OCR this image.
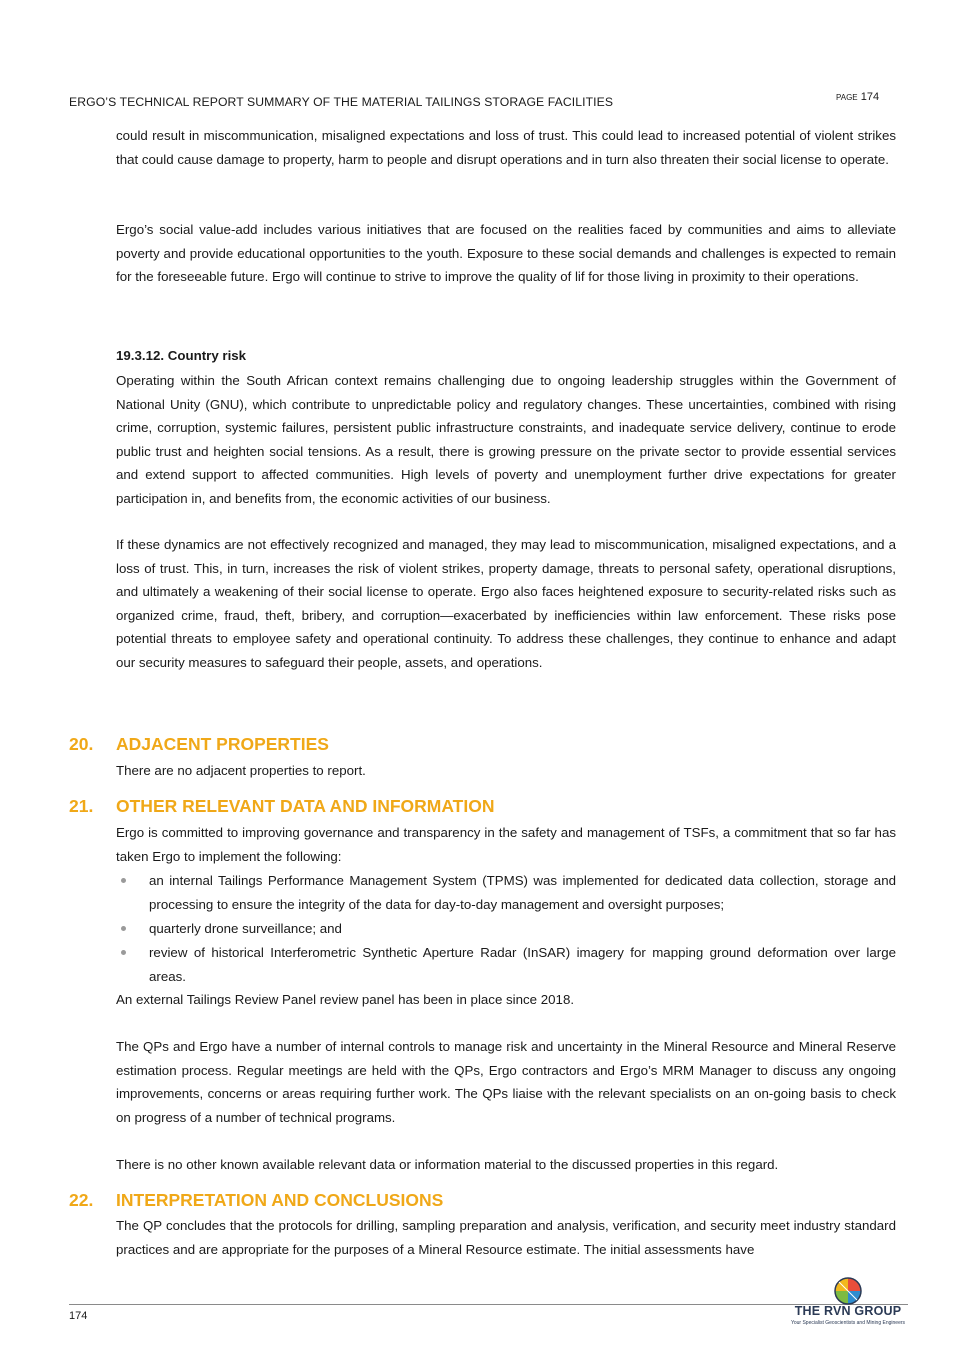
ERGO’S TECHNICAL REPORT SUMMARY OF THE MATERIAL TAILINGS STORAGE FACILITIES	PAGE 174

could result in miscommunication, misaligned expectations and loss of trust. This could lead to increased potential of violent strikes that could cause damage to property, harm to people and disrupt operations and in turn also threaten their social license to operate.

Ergo’s social value-add includes various initiatives that are focused on the realities faced by communities and aims to alleviate poverty and provide educational opportunities to the youth. Exposure to these social demands and challenges is expected to remain for the foreseeable future. Ergo will continue to strive to improve the quality of lif for those living in proximity to their operations.

19.3.12. Country risk

Operating within the South African context remains challenging due to ongoing leadership struggles within the Government of National Unity (GNU), which contribute to unpredictable policy and regulatory changes. These uncertainties, combined with rising crime, corruption, systemic failures, persistent public infrastructure constraints, and inadequate service delivery, continue to erode public trust and heighten social tensions. As a result, there is growing pressure on the private sector to provide essential services and extend support to affected communities. High levels of poverty and unemployment further drive expectations for greater participation in, and benefits from, the economic activities of our business.

If these dynamics are not effectively recognized and managed, they may lead to miscommunication, misaligned expectations, and a loss of trust. This, in turn, increases the risk of violent strikes, property damage, threats to personal safety, operational disruptions, and ultimately a weakening of their social license to operate. Ergo also faces heightened exposure to security-related risks such as organized crime, fraud, theft, bribery, and corruption—exacerbated by inefficiencies within law enforcement. These risks pose potential threats to employee safety and operational continuity. To address these challenges, they continue to enhance and adapt our security measures to safeguard their people, assets, and operations.

20. ADJACENT PROPERTIES

There are no adjacent properties to report.

21. OTHER RELEVANT DATA AND INFORMATION

Ergo is committed to improving governance and transparency in the safety and management of TSFs, a commitment that so far has taken Ergo to implement the following:

an internal Tailings Performance Management System (TPMS) was implemented for dedicated data collection, storage and processing to ensure the integrity of the data for day-to-day management and oversight purposes;

quarterly drone surveillance; and

review of historical Interferometric Synthetic Aperture Radar (InSAR) imagery for mapping ground deformation over large areas.

An external Tailings Review Panel review panel has been in place since 2018.

The QPs and Ergo have a number of internal controls to manage risk and uncertainty in the Mineral Resource and Mineral Reserve estimation process. Regular meetings are held with the QPs, Ergo contractors and Ergo’s MRM Manager to discuss any ongoing improvements, concerns or areas requiring further work. The QPs liaise with the relevant specialists on an on-going basis to check on progress of a number of technical programs.

There is no other known available relevant data or information material to the discussed properties in this regard.

22. INTERPRETATION AND CONCLUSIONS

The QP concludes that the protocols for drilling, sampling preparation and analysis, verification, and security meet industry standard practices and are appropriate for the purposes of a Mineral Resource estimate. The initial assessments have

174	THE RVN GROUP
Your Specialist Geoscientists and Mining Engineers
